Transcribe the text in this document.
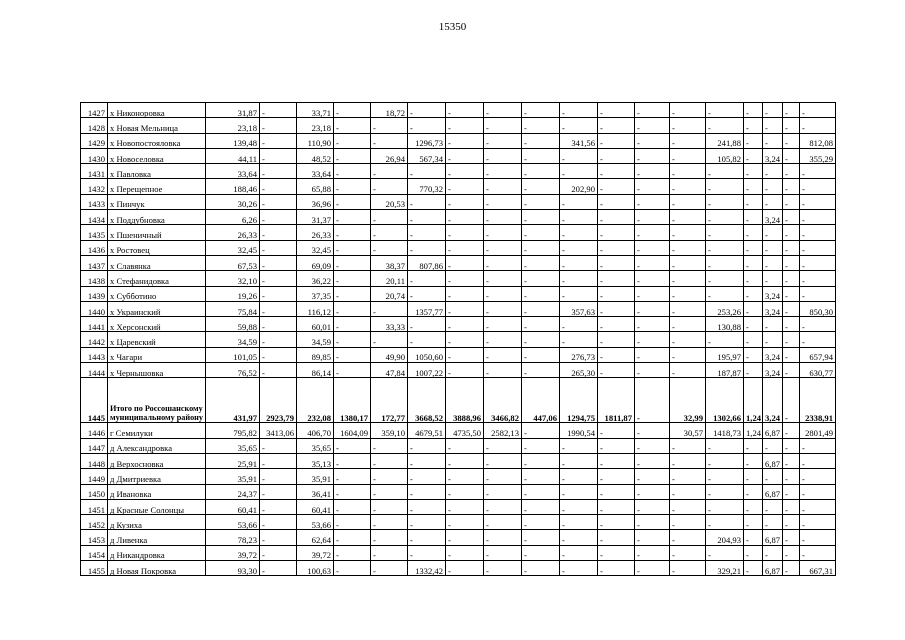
15350
1427	х Никоноровка	31,87	-	33,71	-	18,72	-	-	-	-	-	-	-	-	-	-	-	-	-
1428	х Новая Мельница	23,18	-	23,18	-	-	-	-	-	-	-	-	-	-	-	-	-	-	-
1429	х Новопостояловка	139,48	-	110,90	-	-	1296,73	-	-	-	341,56	-	-	-	241,88	-	-	-	812,08
1430	х Новоселовка	44,11	-	48,52	-	26,94	567,34	-	-	-	-	-	-	-	105,82	-	3,24	-	355,29
1431	х Павловка	33,64	-	33,64	-	-	-	-	-	-	-	-	-	-	-	-	-	-	-
1432	х Перещепное	188,46	-	65,88	-	-	770,32	-	-	-	202,90	-	-	-	-	-	-	-	-
1433	х Пинчук	30,26	-	36,96	-	20,53	-	-	-	-	-	-	-	-	-	-	-	-	-
1434	х Поддубновка	6,26	-	31,37	-	-	-	-	-	-	-	-	-	-	-	-	3,24	-	-
1435	х Пшеничный	26,33	-	26,33	-	-	-	-	-	-	-	-	-	-	-	-	-	-	-
1436	х Ростовец	32,45	-	32,45	-	-	-	-	-	-	-	-	-	-	-	-	-	-	-
1437	х Славянка	67,53	-	69,09	-	38,37	807,86	-	-	-	-	-	-	-	-	-	-	-	-
1438	х Стефанидовка	32,10	-	36,22	-	20,11	-	-	-	-	-	-	-	-	-	-	-	-	-
1439	х Субботино	19,26	-	37,35	-	20,74	-	-	-	-	-	-	-	-	-	-	3,24	-	-
1440	х Украинский	75,84	-	116,12	-	-	1357,77	-	-	-	357,63	-	-	-	253,26	-	3,24	-	850,30
1441	х Херсонский	59,88	-	60,01	-	33,33	-	-	-	-	-	-	-	-	130,88	-	-	-	-
1442	х Царевский	34,59	-	34,59	-	-	-	-	-	-	-	-	-	-	-	-	-	-	-
1443	х Чагари	101,05	-	89,85	-	49,90	1050,60	-	-	-	276,73	-	-	-	195,97	-	3,24	-	657,94
1444	х Чернышовка	76,52	-	86,14	-	47,84	1007,22	-	-	-	265,30	-	-	-	187,87	-	3,24	-	630,77
1445	Итого по Россошанскому муниципальному району	431,97	2923,79	232,08	1380,17	172,77	3668,52	3888,96	3466,82	447,06	1294,75	1811,87	-	32,99	1302,66	1,24	3,24	-	2338,91
1446	г Семилуки	795,82	3413,06	406,70	1604,09	359,10	4679,51	4735,50	2582,13	-	1990,54	-	-	30,57	1418,73	1,24	6,87	-	2801,49
1447	д Александровка	35,65	-	35,65	-	-	-	-	-	-	-	-	-	-	-	-	-	-	-
1448	д Верхосновка	25,91	-	35,13	-	-	-	-	-	-	-	-	-	-	-	-	6,87	-	-
1449	д Дмитриевка	35,91	-	35,91	-	-	-	-	-	-	-	-	-	-	-	-	-	-	-
1450	д Ивановка	24,37	-	36,41	-	-	-	-	-	-	-	-	-	-	-	-	6,87	-	-
1451	д Красные Солонцы	60,41	-	60,41	-	-	-	-	-	-	-	-	-	-	-	-	-	-	-
1452	д Кузиха	53,66	-	53,66	-	-	-	-	-	-	-	-	-	-	-	-	-	-	-
1453	д Ливенка	78,23	-	62,64	-	-	-	-	-	-	-	-	-	-	204,93	-	6,87	-	-
1454	д Никандровка	39,72	-	39,72	-	-	-	-	-	-	-	-	-	-	-	-	-	-	-
1455	д Новая Покровка	93,30	-	100,63	-	-	1332,42	-	-	-	-	-	-	-	329,21	-	6,87	-	667,31
